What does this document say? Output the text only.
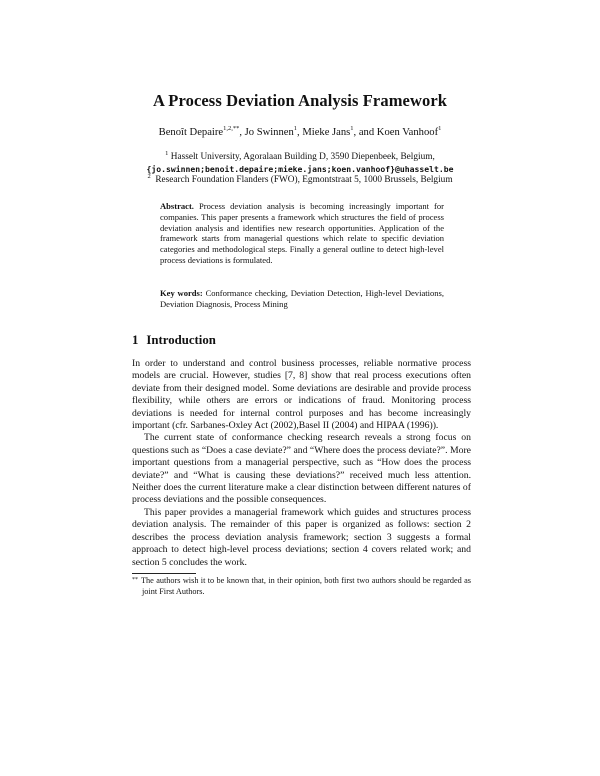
A Process Deviation Analysis Framework
Benoît Depaire$^{1,2,**}$, Jo Swinnen$^1$, Mieke Jans$^1$, and Koen Vanhoof$^1$
$^1$ Hasselt University, Agoralaan Building D, 3590 Diepenbeek, Belgium,
{jo.swinnen;benoit.depaire;mieke.jans;koen.vanhoof}@uhasselt.be
$^2$ Research Foundation Flanders (FWO), Egmontstraat 5, 1000 Brussels, Belgium
Abstract. Process deviation analysis is becoming increasingly important for companies. This paper presents a framework which structures the field of process deviation analysis and identifies new research opportunities. Application of the framework starts from managerial questions which relate to specific deviation categories and methodological steps. Finally a general outline to detect high-level process deviations is formulated.
Key words: Conformance checking, Deviation Detection, High-level Deviations, Deviation Diagnosis, Process Mining
1 Introduction

In order to understand and control business processes, reliable normative process models are crucial. However, studies [7, 8] show that real process executions often deviate from their designed model. Some deviations are desirable and provide process flexibility, while others are errors or indications of fraud. Monitoring process deviations is needed for internal control purposes and has become increasingly important (cfr. Sarbanes-Oxley Act (2002),Basel II (2004) and HIPAA (1996)).

The current state of conformance checking research reveals a strong focus on questions such as “Does a case deviate?” and “Where does the process deviate?”. More important questions from a managerial perspective, such as “How does the process deviate?” and “What is causing these deviations?” received much less attention. Neither does the current literature make a clear distinction between different natures of process deviations and the possible consequences.

This paper provides a managerial framework which guides and structures process deviation analysis. The remainder of this paper is organized as follows: section 2 describes the process deviation analysis framework; section 3 suggests a formal approach to detect high-level process deviations; section 4 covers related work; and section 5 concludes the work.

** The authors wish it to be known that, in their opinion, both first two authors should be regarded as joint First Authors.
